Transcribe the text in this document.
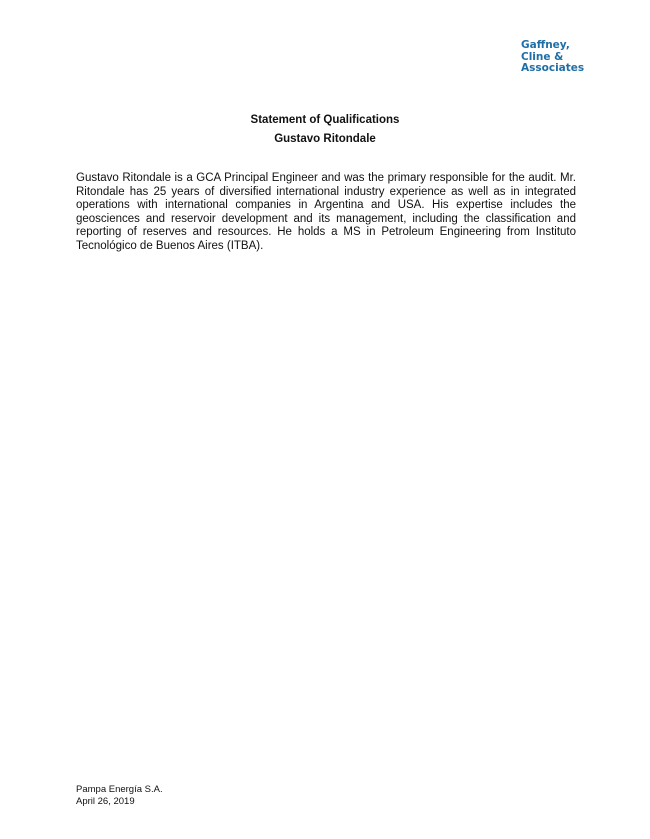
Gaffney,
Cline &
Associates
Statement of Qualifications
Gustavo Ritondale

Gustavo Ritondale is a GCA Principal Engineer and was the primary responsible for the audit. Mr. Ritondale has 25 years of diversified international industry experience as well as in integrated operations with international companies in Argentina and USA. His expertise includes the geosciences and reservoir development and its management, including the classification and reporting of reserves and resources. He holds a MS in Petroleum Engineering from Instituto Tecnológico de Buenos Aires (ITBA).

Pampa Energía S.A.
April 26, 2019
